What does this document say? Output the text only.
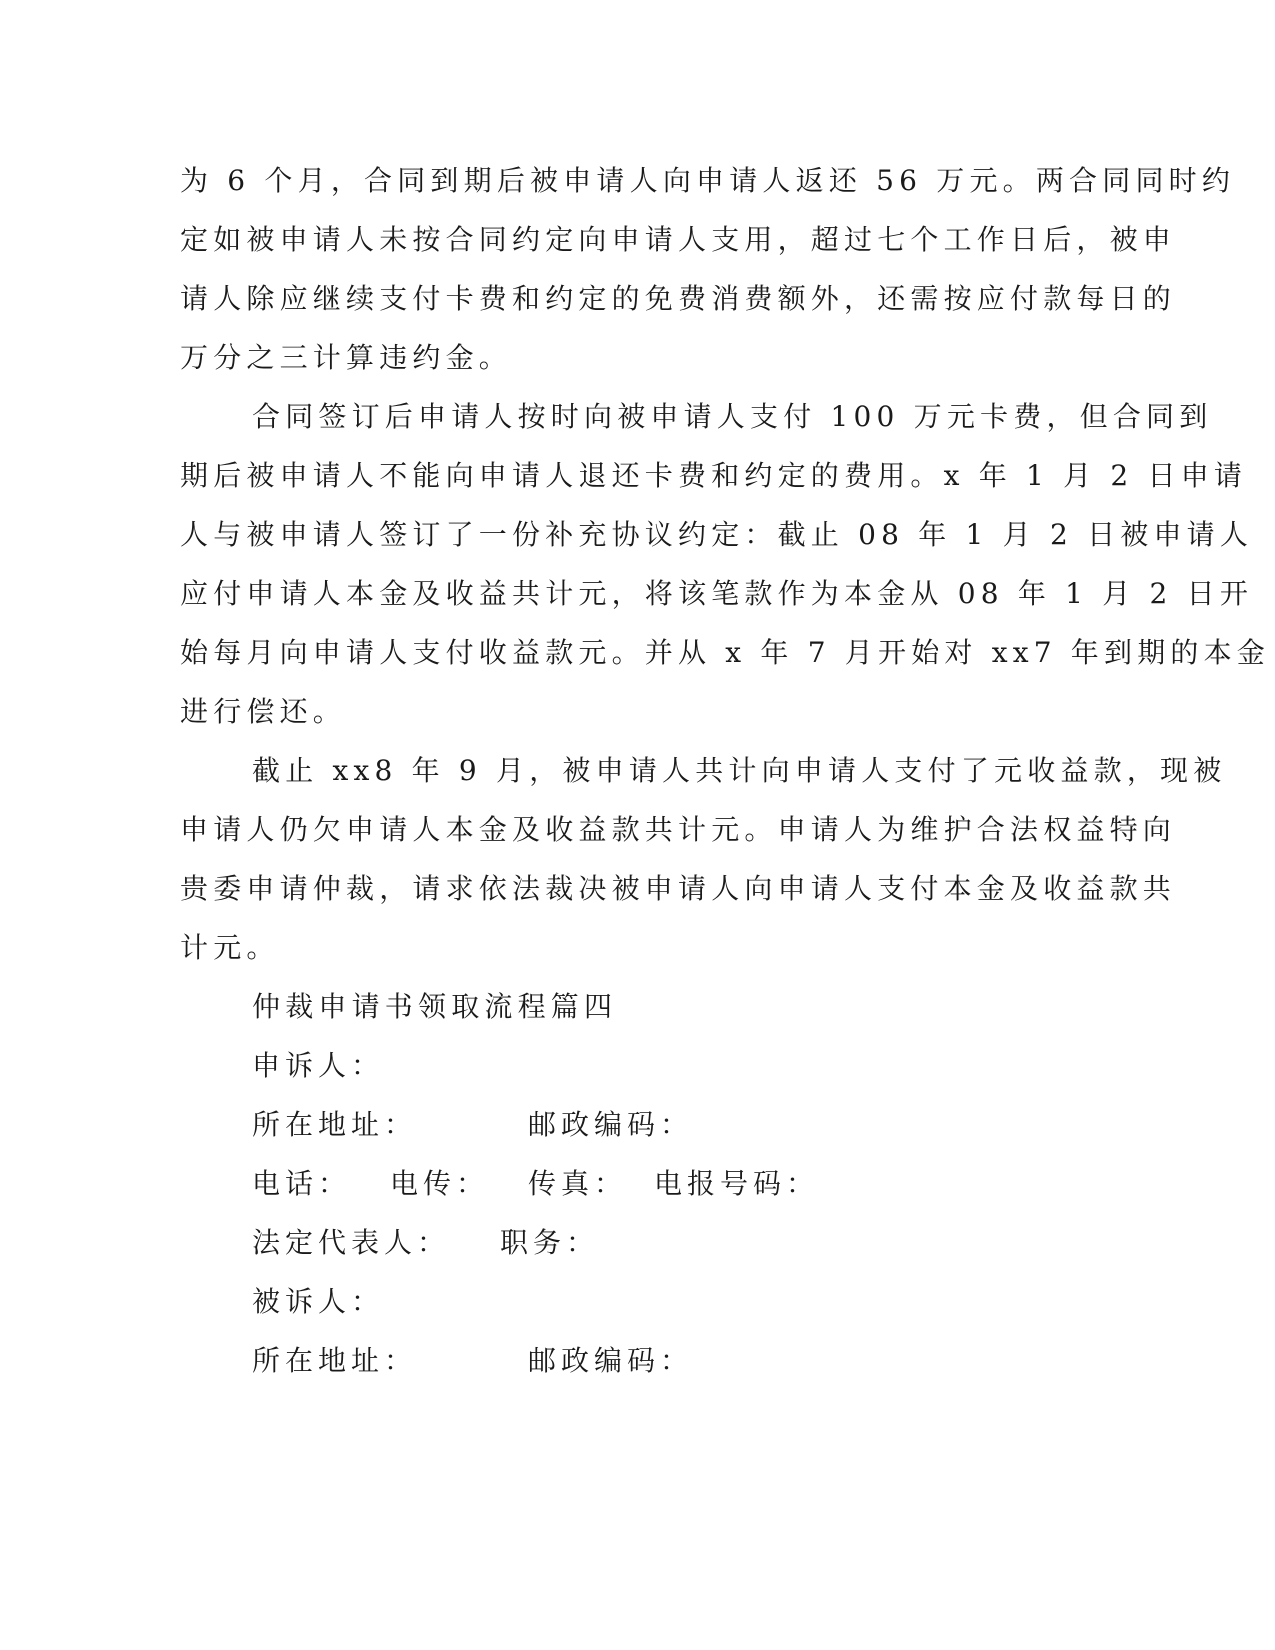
为 6 个月，合同到期后被申请人向申请人返还 56 万元。两合同同时约
定如被申请人未按合同约定向申请人支用，超过七个工作日后，被申
请人除应继续支付卡费和约定的免费消费额外，还需按应付款每日的
万分之三计算违约金。
合同签订后申请人按时向被申请人支付 100 万元卡费，但合同到
期后被申请人不能向申请人退还卡费和约定的费用。x 年 1 月 2 日申请
人与被申请人签订了一份补充协议约定：截止 08 年 1 月 2 日被申请人
应付申请人本金及收益共计元，将该笔款作为本金从 08 年 1 月 2 日开
始每月向申请人支付收益款元。并从 x 年 7 月开始对 xx7 年到期的本金
进行偿还。
截止 xx8 年 9 月，被申请人共计向申请人支付了元收益款，现被
申请人仍欠申请人本金及收益款共计元。申请人为维护合法权益特向
贵委申请仲裁，请求依法裁决被申请人向申请人支付本金及收益款共
计元。
仲裁申请书领取流程篇四
申诉人：
所在地址：	邮政编码：
电话： 电传： 传真： 电报号码：
法定代表人： 职务：
被诉人：
所在地址：	邮政编码：
